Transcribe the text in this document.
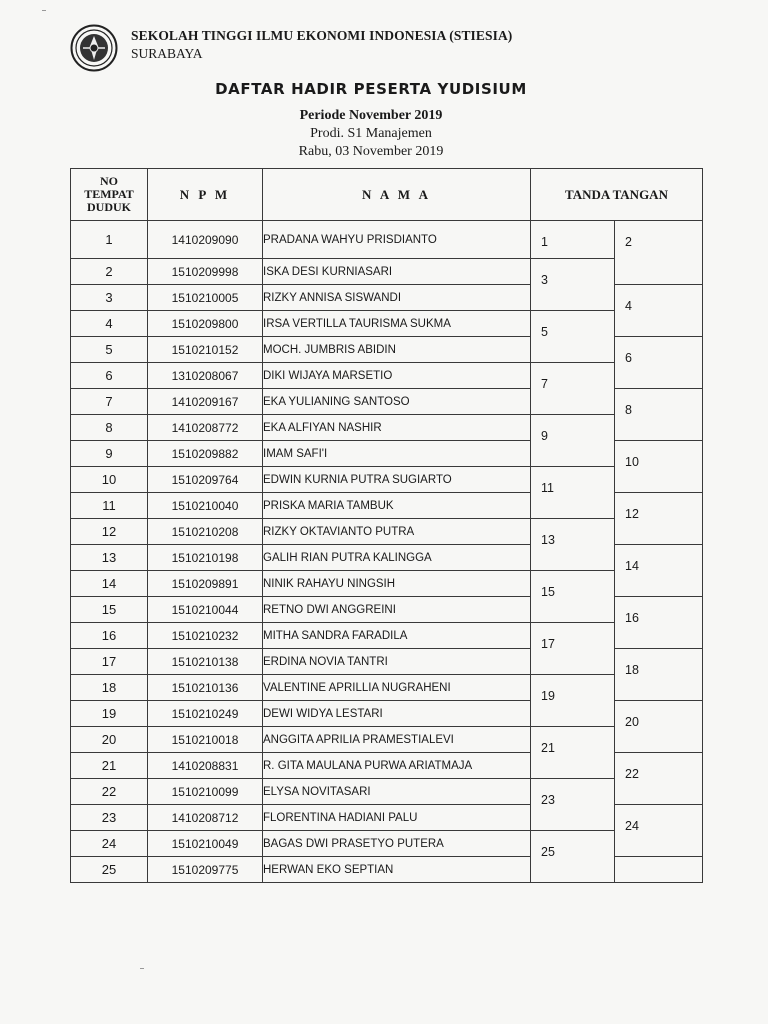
SEKOLAH TINGGI ILMU EKONOMI INDONESIA (STIESIA)
SURABAYA
DAFTAR HADIR PESERTA YUDISIUM
Periode November 2019
Prodi. S1 Manajemen
Rabu, 03 November 2019
NO
TEMPAT
DUDUK	N P M	N A M A	TANDA TANGAN	
1	1410209090	PRADANA WAHYU PRISDIANTO	1	2

2	1510209998	ISKA DESI KURNIASARI	3	

3	1510210005	RIZKY ANNISA SISWANDI		4

4	1510209800	IRSA VERTILLA TAURISMA SUKMA	5	

5	1510210152	MOCH. JUMBRIS ABIDIN		6

6	1310208067	DIKI WIJAYA MARSETIO	7	

7	1410209167	EKA YULIANING SANTOSO		8

8	1410208772	EKA ALFIYAN NASHIR	9	

9	1510209882	IMAM SAFI'I		10

10	1510209764	EDWIN KURNIA PUTRA SUGIARTO	11	

11	1510210040	PRISKA MARIA TAMBUK		12

12	1510210208	RIZKY OKTAVIANTO PUTRA	13	

13	1510210198	GALIH RIAN PUTRA KALINGGA		14

14	1510209891	NINIK RAHAYU NINGSIH	15	

15	1510210044	RETNO DWI ANGGREINI		16

16	1510210232	MITHA SANDRA FARADILA	17	

17	1510210138	ERDINA NOVIA TANTRI		18

18	1510210136	VALENTINE APRILLIA NUGRAHENI	19	

19	1510210249	DEWI WIDYA LESTARI		20

20	1510210018	ANGGITA APRILIA PRAMESTIALEVI	21	

21	1410208831	R. GITA MAULANA PURWA ARIATMAJA		22

22	1510210099	ELYSA NOVITASARI	23	

23	1410208712	FLORENTINA HADIANI PALU		24

24	1510210049	BAGAS DWI PRASETYO PUTERA	25	

25	1510209775	HERWAN EKO SEPTIAN		
